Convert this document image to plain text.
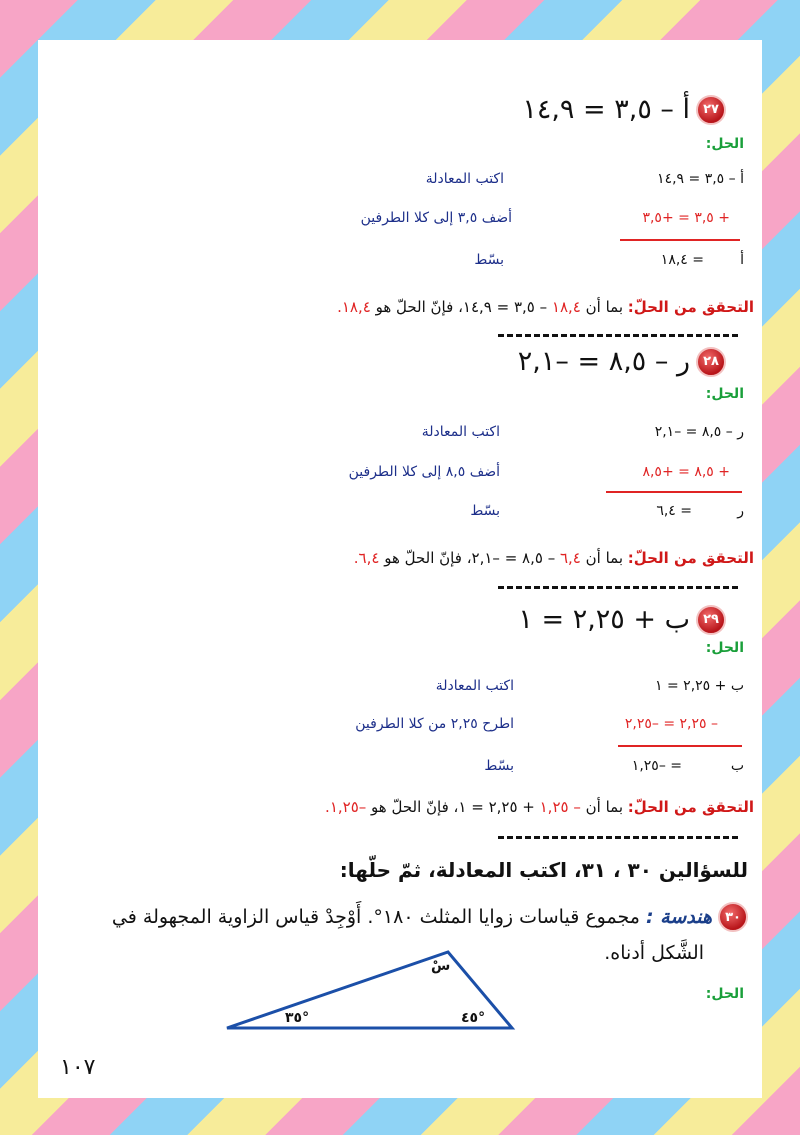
٢٧
أ – ٣,٥ = ١٤,٩
الحل:
أ – ٣,٥ = ١٤,٩
اكتب المعادلة
+ ٣,٥ = +٣,٥
أضف ٣,٥ إلى كلا الطرفين
أ
= ١٨,٤
بسّط
التحقق من الحلّ: بما أن ١٨,٤ – ٣,٥ = ١٤,٩، فإنّ الحلّ هو ١٨,٤.
٢٨
ر – ٨,٥ = –٢,١
الحل:
ر – ٨,٥ = –٢,١
اكتب المعادلة
+ ٨,٥ = +٨,٥
أضف ٨,٥ إلى كلا الطرفين
ر
= ٦,٤
بسّط
التحقق من الحلّ: بما أن ٦,٤ – ٨,٥ = –٢,١، فإنّ الحلّ هو ٦,٤.
٢٩
ب + ٢,٢٥ = ١
الحل:
ب + ٢,٢٥ = ١
اكتب المعادلة
– ٢,٢٥ = –٢,٢٥
اطرح ٢,٢٥ من كلا الطرفين
ب
= –١,٢٥
بسّط
التحقق من الحلّ: بما أن – ١,٢٥ + ٢,٢٥ = ١، فإنّ الحلّ هو –١,٢٥.
للسؤالين ٣٠ ، ٣١، اكتب المعادلة، ثمّ حلّها:
٣٠
هندسة : مجموع قياسات زوايا المثلث ١٨٠°. أَوْجِدْ قياس الزاوية المجهولة في
الشَّكل أدناه.
الحل:
سْ
٣٥°	٤٥°
١٠٧
